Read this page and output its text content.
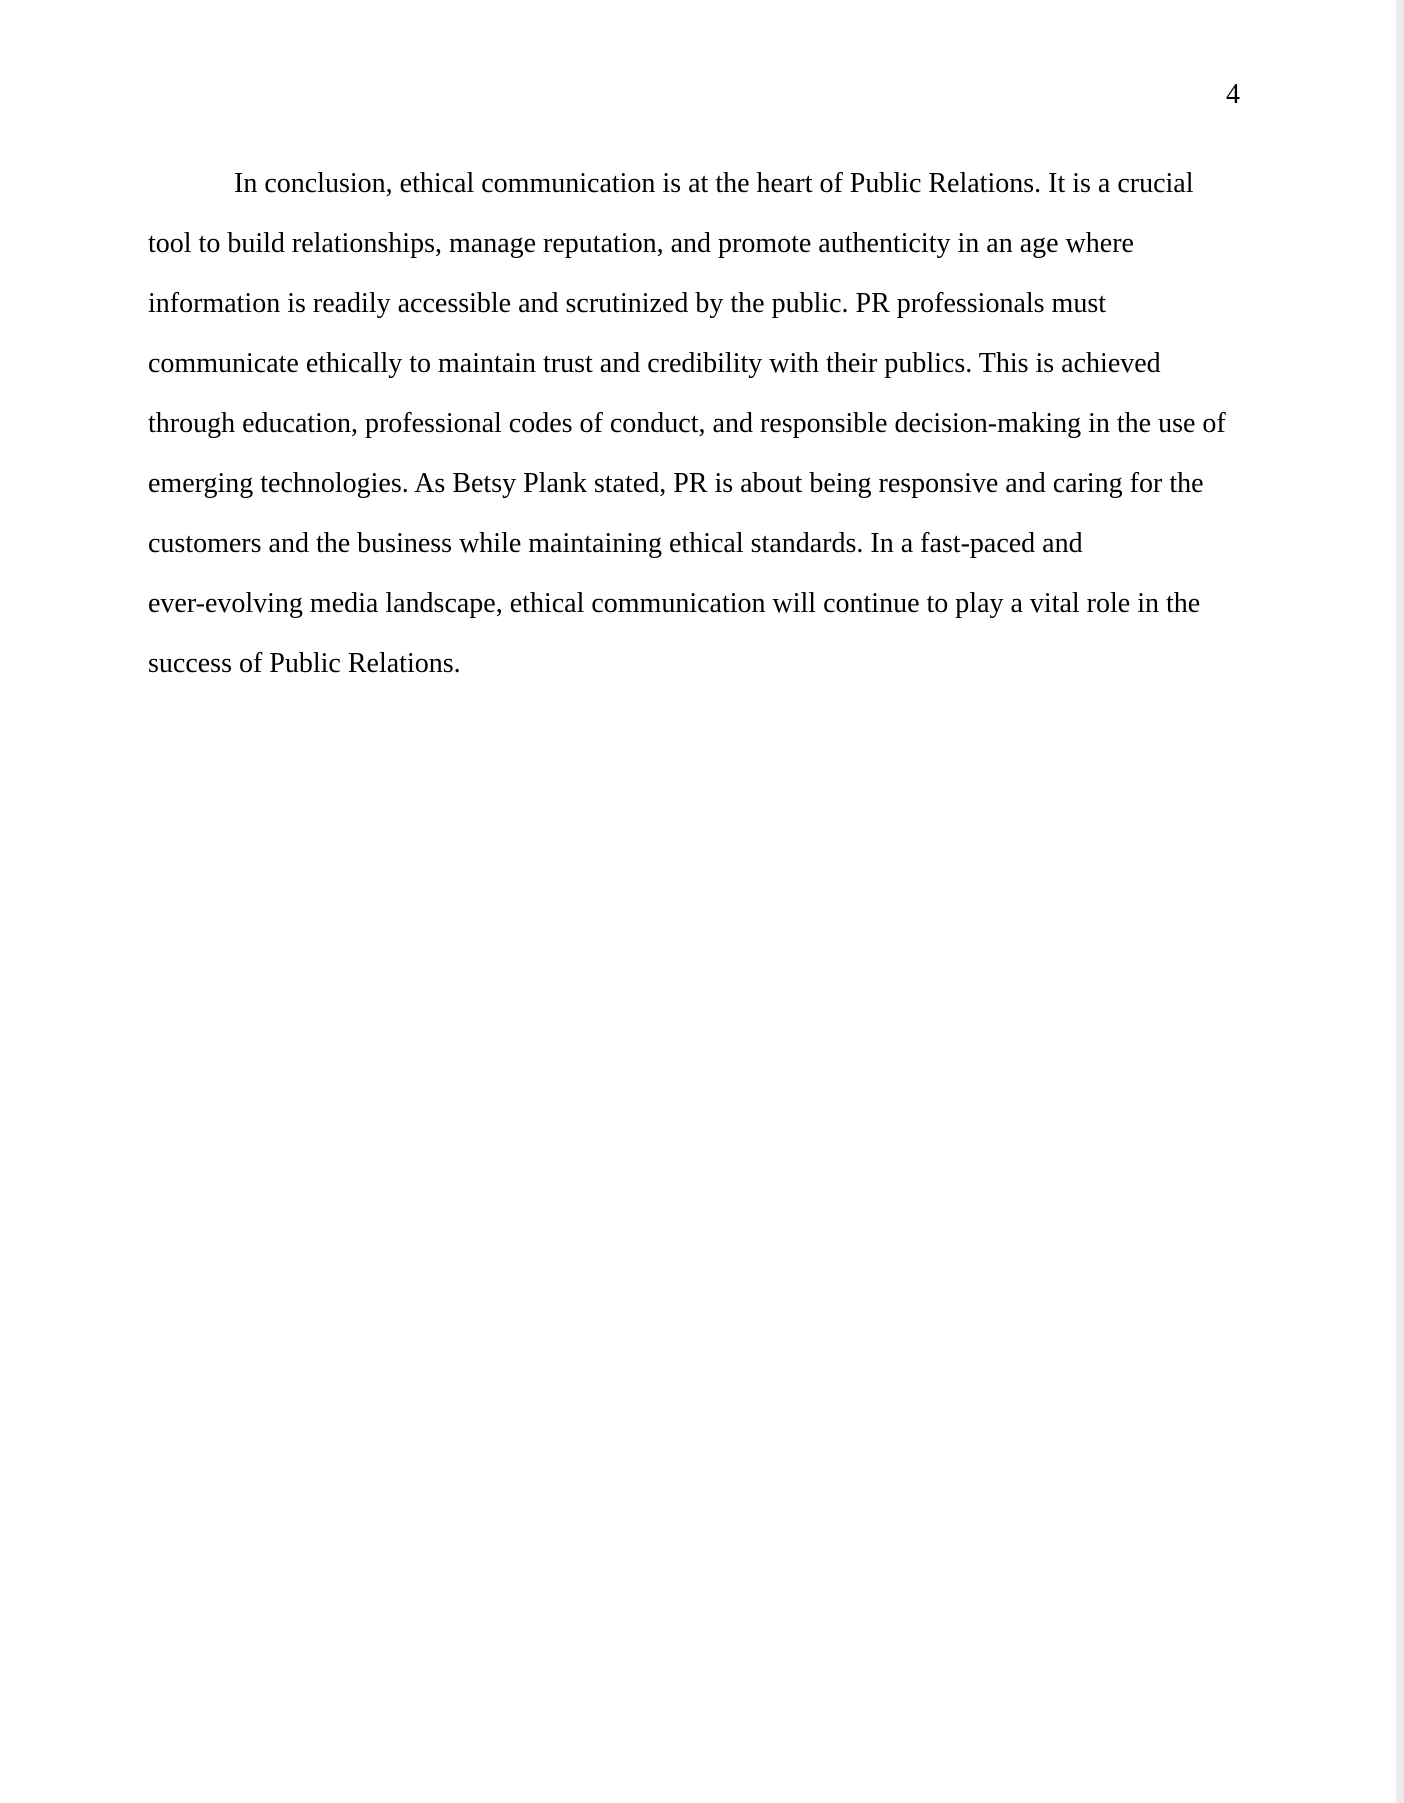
4
In conclusion, ethical communication is at the heart of Public Relations. It is a crucial
tool to build relationships, manage reputation, and promote authenticity in an age where
information is readily accessible and scrutinized by the public. PR professionals must
communicate ethically to maintain trust and credibility with their publics. This is achieved
through education, professional codes of conduct, and responsible decision-making in the use of
emerging technologies. As Betsy Plank stated, PR is about being responsive and caring for the
customers and the business while maintaining ethical standards. In a fast-paced and
ever-evolving media landscape, ethical communication will continue to play a vital role in the
success of Public Relations.
